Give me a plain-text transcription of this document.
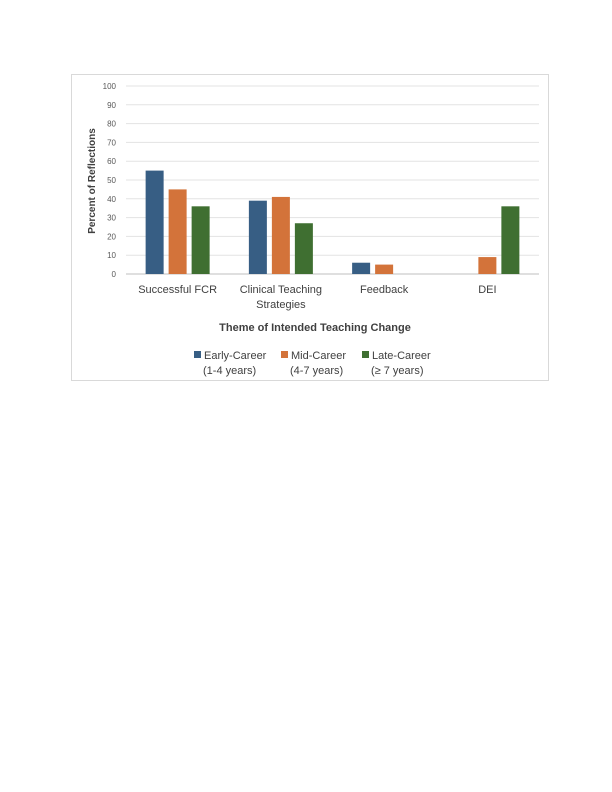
0
10
20
30
40
50
60
70
80
90
100
Successful FCR Clinical Teaching
Strategies
Feedback	DEI
Percent of Reflections
Theme of Intended Teaching Change
Early-Career
(1-4 years)
Mid-Career
(4-7 years)
Late-Career
(≥ 7 years)
